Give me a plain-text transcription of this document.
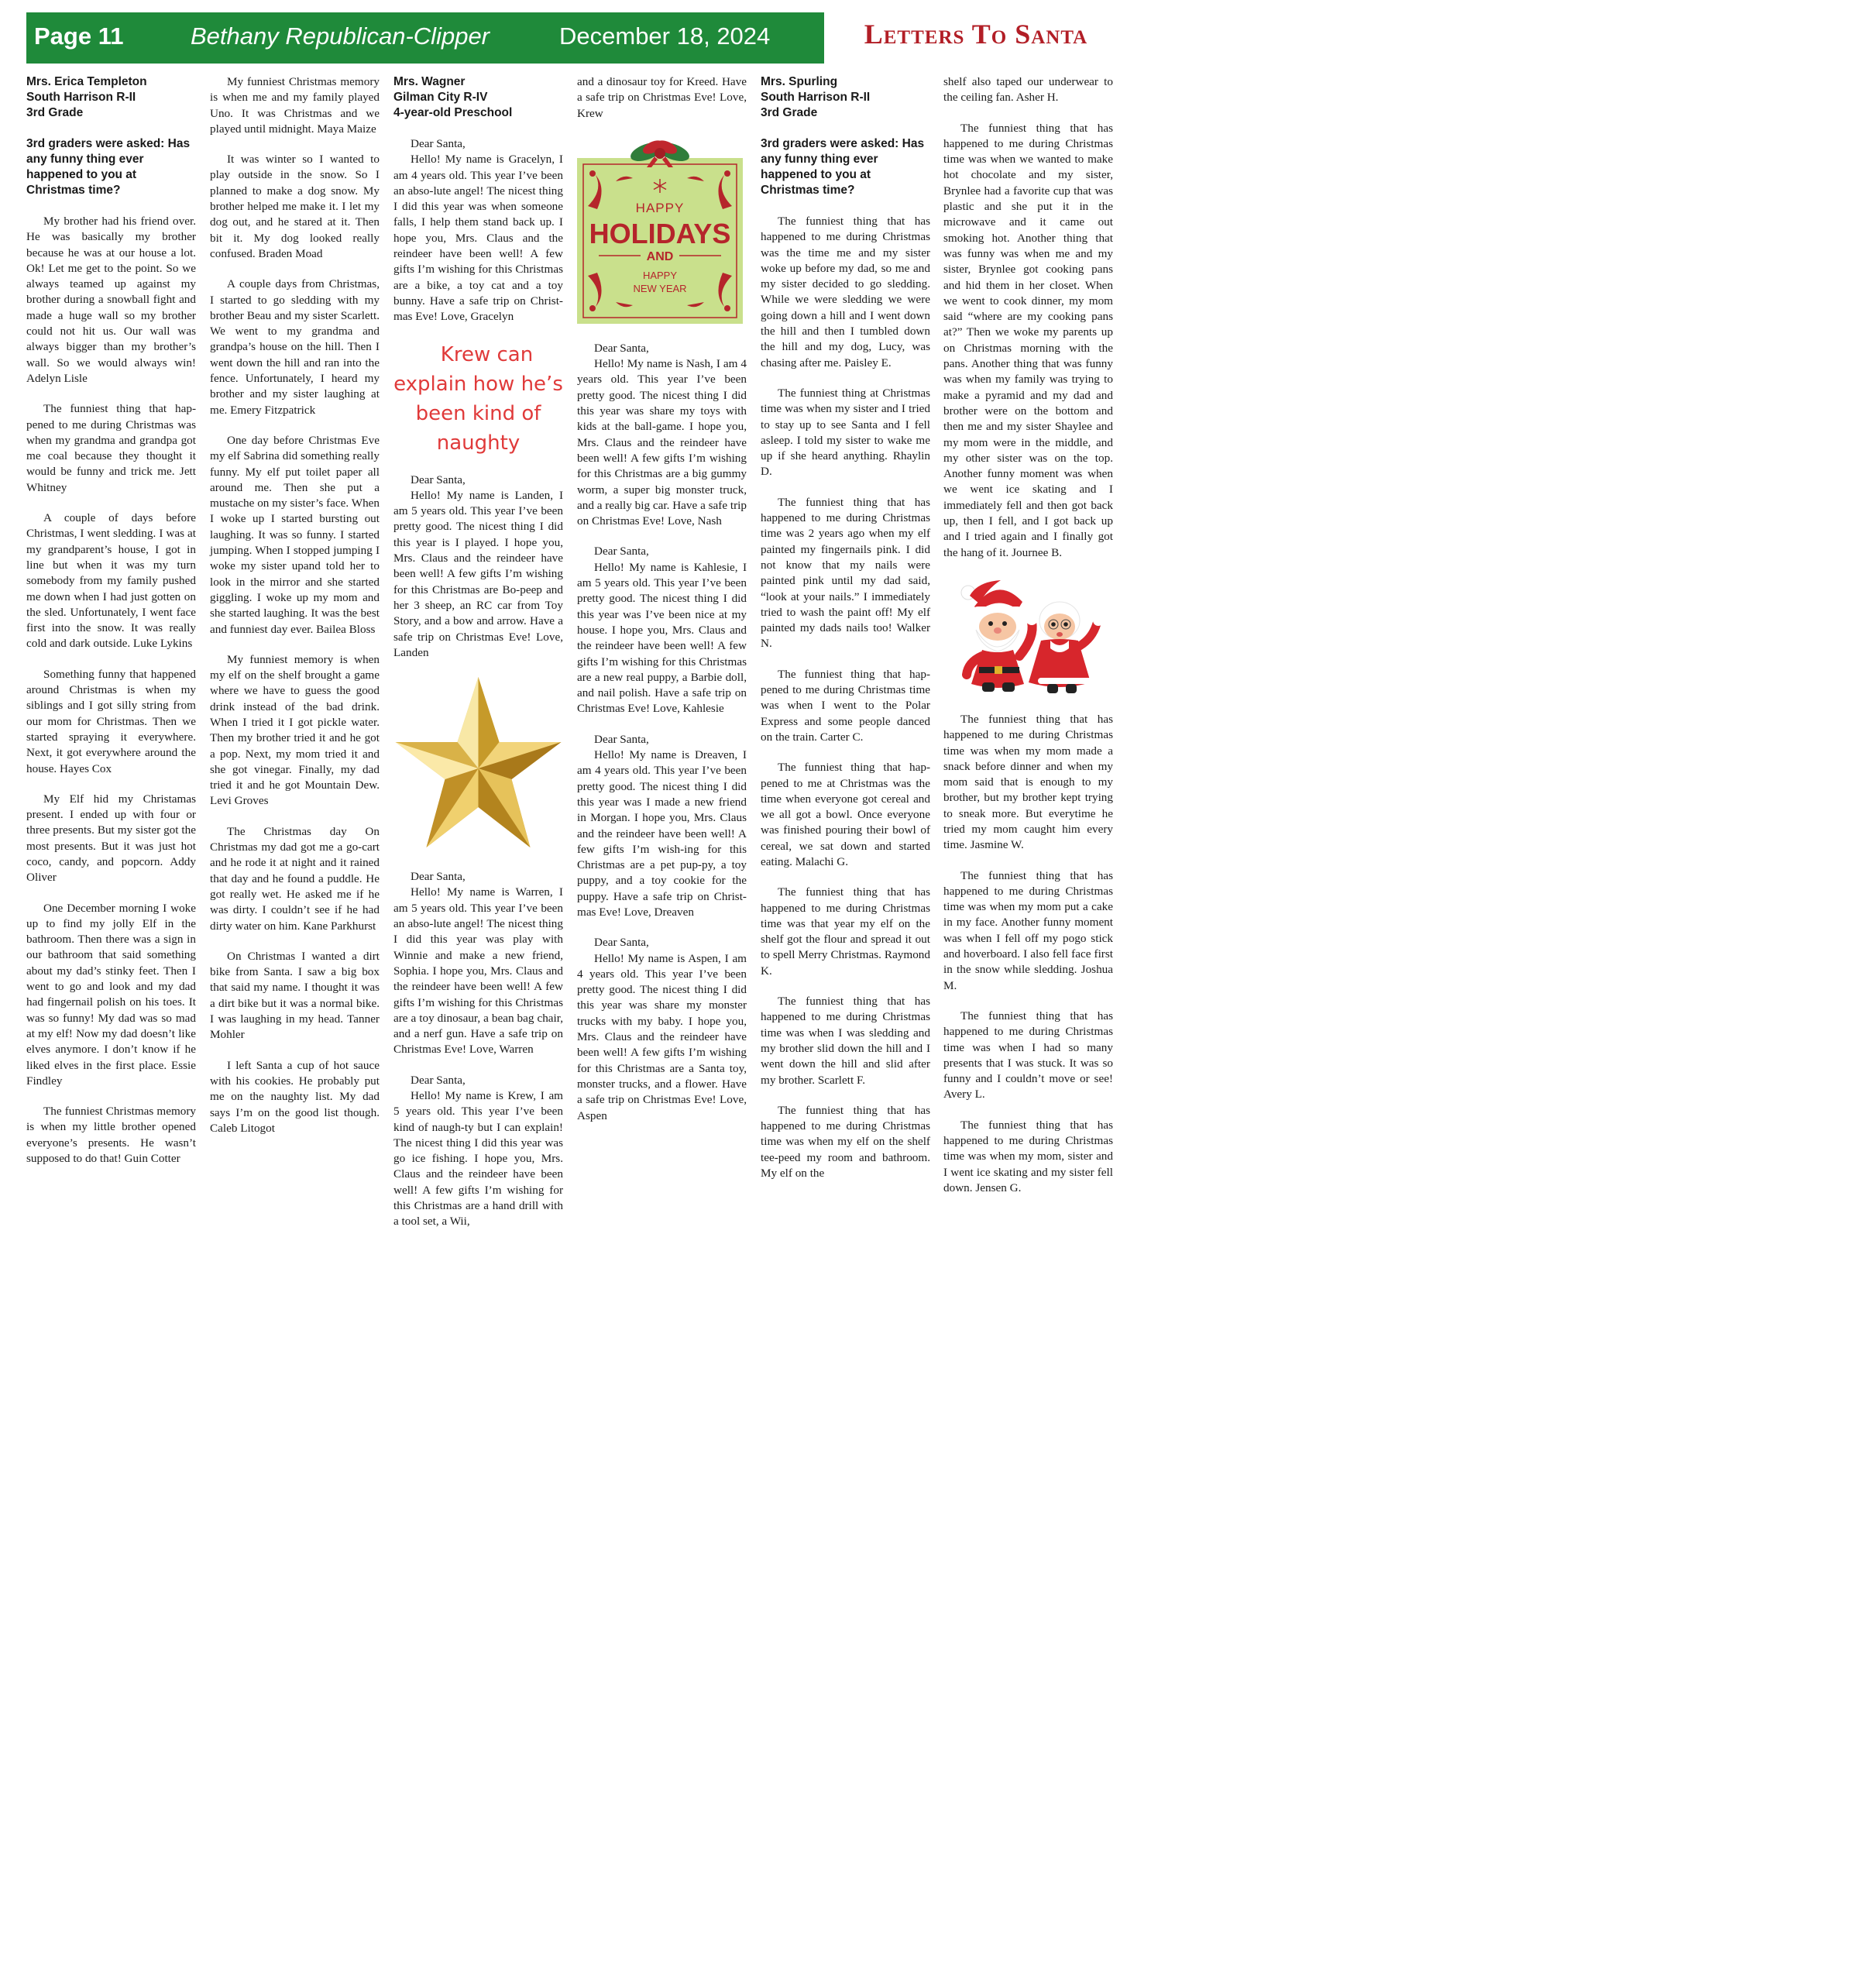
Page 11	Bethany Republican-Clipper	December 18, 2024	Letters To Santa
Mrs. Erica Templeton
South Harrison R-II
3rd Grade
3rd graders were asked: Has any funny thing ever happened to you at Christmas time?

My brother had his friend over. He was basically my brother because he was at our house a lot. Ok! Let me get to the point. So we always teamed up against my brother during a snowball fight and made a huge wall so my brother could not hit us. Our wall was always bigger than my brother’s wall. So we would always win! Adelyn Lisle

The funniest thing that happened to me during Christmas was when my grandma and grandpa got me coal because they thought it would be funny and trick me. Jett Whitney

A couple of days before Christmas, I went sledding. I was at my grandparent’s house, I got in line but when it was my turn somebody from my family pushed me down when I had just gotten on the sled. Unfortunately, I went face first into the snow. It was really cold and dark outside. Luke Lykins

Something funny that happened around Christmas is when my siblings and I got silly string from our mom for Christmas. Then we started spraying it everywhere. Next, it got everywhere around the house. Hayes Cox

My Elf hid my Christamas present. I ended up with four or three presents. But my sister got the most presents. But it was just hot coco, candy, and popcorn. Addy Oliver

One December morning I woke up to find my jolly Elf in the bathroom. Then there was a sign in our bathroom that said something about my dad’s stinky feet. Then I went to go and look and my dad had fingernail polish on his toes. It was so funny! My dad was so mad at my elf! Now my dad doesn’t like elves anymore. I don’t know if he liked elves in the first place. Essie Findley

The funniest Christmas memory is when my little brother opened everyone’s presents. He wasn’t supposed to do that! Guin Cotter

My funniest Christmas memory is when me and my family played Uno. It was Christmas and we played until midnight. Maya Maize

It was winter so I wanted to play outside in the snow. So I planned to make a dog snow. My brother helped me make it. I let my dog out, and he stared at it. Then bit it. My dog looked really confused. Braden Moad

A couple days from Christmas, I started to go sledding with my brother Beau and my sister Scarlett. We went to my grandma and grandpa’s house on the hill. Then I went down the hill and ran into the fence. Unfortunately, I heard my brother and my sister laughing at me. Emery Fitzpatrick

One day before Christmas Eve my elf Sabrina did something really funny. My elf put toilet paper all around me. Then she put a mustache on my sister’s face. When I woke up I started bursting out laughing. It was so funny. I started jumping. When I stopped jumping I woke my sister upand told her to look in the mirror and she started giggling. I woke up my mom and she started laughing. It was the best and funniest day ever. Bailea Bloss

My funniest memory is when my elf on the shelf brought a game where we have to guess the good drink instead of the bad drink. When I tried it I got pickle water. Then my brother tried it and he got a pop. Next, my mom tried it and she got vinegar. Finally, my dad tried it and he got Mountain Dew. Levi Groves

The Christmas day On Christmas my dad got me a go-cart and he rode it at night and it rained that day and he found a puddle. He got really wet. He asked me if he was dirty. I couldn’t see if he had dirty water on him. Kane Parkhurst

On Christmas I wanted a dirt bike from Santa. I saw a big box that said my name. I thought it was a dirt bike but it was a normal bike. I was laughing in my head. Tanner Mohler

I left Santa a cup of hot sauce with his cookies. He probably put me on the naughty list. My dad says I’m on the good list though. Caleb Litogot

Mrs. Wagner
Gilman City R-IV
4-year-old Preschool

Dear Santa,

Hello! My name is Gracelyn, I am 4 years old. This year I’ve been an abso-lute angel! The nicest thing I did this year was when someone falls, I help them stand back up. I hope you, Mrs. Claus and the reindeer have been well! A few gifts I’m wishing for this Christmas are a bike, a toy cat and a toy bunny. Have a safe trip on Christ-mas Eve! Love, Gracelyn

Krew can explain how he’s been kind of naughty

Dear Santa,

Hello! My name is Landen, I am 5 years old. This year I’ve been pretty good. The nicest thing I did this year is I played. I hope you, Mrs. Claus and the reindeer have been well! A few gifts I’m wishing for this Christmas are Bo-peep and her 3 sheep, an RC car from Toy Story, and a bow and arrow. Have a safe trip on Christmas Eve! Love, Landen

Dear Santa,

Hello! My name is Warren, I am 5 years old. This year I’ve been an abso-lute angel! The nicest thing I did this year was play with Winnie and make a new friend, Sophia. I hope you, Mrs. Claus and the reindeer have been well! A few gifts I’m wishing for this Christmas are a toy dinosaur, a bean bag chair, and a nerf gun. Have a safe trip on Christmas Eve! Love, Warren

Dear Santa,

Hello! My name is Krew, I am 5 years old. This year I’ve been kind of naugh-ty but I can explain! The nicest thing I did this year was go ice fishing. I hope you, Mrs. Claus and the reindeer have been well! A few gifts I’m wishing for this Christmas are a hand drill with a tool set, a Wii,

and a dinosaur toy for Kreed. Have a safe trip on Christmas Eve! Love, Krew

HAPPY
HOLIDAYS
AND
HAPPY
NEW YEAR

Dear Santa,

Hello! My name is Nash, I am 4 years old. This year I’ve been pretty good. The nicest thing I did this year was share my toys with kids at the ball-game. I hope you, Mrs. Claus and the reindeer have been well! A few gifts I’m wishing for this Christmas are a big gummy worm, a super big monster truck, and a really big car. Have a safe trip on Christmas Eve! Love, Nash

Dear Santa,

Hello! My name is Kahlesie, I am 5 years old. This year I’ve been pretty good. The nicest thing I did this year was I’ve been nice at my house. I hope you, Mrs. Claus and the reindeer have been well! A few gifts I’m wishing for this Christmas are a new real puppy, a Barbie doll, and nail polish. Have a safe trip on Christmas Eve! Love, Kahlesie

Dear Santa,

Hello! My name is Dreaven, I am 4 years old. This year I’ve been pretty good. The nicest thing I did this year was I made a new friend in Morgan. I hope you, Mrs. Claus and the reindeer have been well! A few gifts I’m wish-ing for this Christmas are a pet pup-py, a toy puppy, and a toy cookie for the puppy. Have a safe trip on Christ-mas Eve! Love, Dreaven

Dear Santa,

Hello! My name is Aspen, I am 4 years old. This year I’ve been pretty good. The nicest thing I did this year was share my monster trucks with my baby. I hope you, Mrs. Claus and the reindeer have been well! A few gifts I’m wishing for this Christmas are a Santa toy, monster trucks, and a flower. Have a safe trip on Christmas Eve! Love, Aspen

Mrs. Spurling
South Harrison R-II
3rd Grade
3rd graders were asked: Has any funny thing ever happened to you at Christmas time?

The funniest thing that has happened to me during Christmas was the time me and my sister woke up before my dad, so me and my sister decided to go sledding. While we were sledding we were going down a hill and I went down the hill and then I tumbled down the hill and my dog, Lucy, was chasing after me. Paisley E.

The funniest thing at Christmas time was when my sister and I tried to stay up to see Santa and I fell asleep. I told my sister to wake me up if she heard anything. Rhaylin D.

The funniest thing that has happened to me during Christmas time was 2 years ago when my elf painted my fingernails pink. I did not know that my nails were painted pink until my dad said, “look at your nails.” I immediately tried to wash the paint off! My elf painted my dads nails too! Walker N.

The funniest thing that happened to me during Christmas time was when I went to the Polar Express and some people danced on the train. Carter C.

The funniest thing that happened to me at Christmas was the time when everyone got cereal and we all got a bowl. Once everyone was finished pouring their bowl of cereal, we sat down and started eating. Malachi G.

The funniest thing that has happened to me during Christmas time was that year my elf on the shelf got the flour and spread it out to spell Merry Christmas. Raymond K.

The funniest thing that has happened to me during Christmas time was when I was sledding and my brother slid down the hill and I went down the hill and slid after my brother. Scarlett F.

The funniest thing that has happened to me during Christmas time was when my elf on the shelf tee-peed my room and bathroom. My elf on the

shelf also taped our underwear to the ceiling fan. Asher H.

The funniest thing that has happened to me during Christmas time was when we wanted to make hot chocolate and my sister, Brynlee had a favorite cup that was plastic and she put it in the microwave and it came out smoking hot. Another thing that was funny was when me and my sister, Brynlee got cooking pans and hid them in her closet. When we went to cook dinner, my mom said “where are my cooking pans at?” Then we woke my parents up on Christmas morning with the pans. Another thing that was funny was when my family was trying to make a pyramid and my dad and brother were on the bottom and then me and my sister Shaylee and my mom were in the middle, and my other sister was on the top. Another funny moment was when we went ice skating and I immediately fell and then got back up, then I fell, and I got back up and I tried again and I finally got the hang of it. Journee B.

The funniest thing that has happened to me during Christmas time was when my mom made a snack before dinner and when my mom said that is enough to my brother, but my brother kept trying to sneak more. But everytime he tried my mom caught him every time. Jasmine W.

The funniest thing that has happened to me during Christmas time was when my mom put a cake in my face. Another funny moment was when I fell off my pogo stick and hoverboard. I also fell face first in the snow while sledding. Joshua M.

The funniest thing that has happened to me during Christmas time was when I had so many presents that I was stuck. It was so funny and I couldn’t move or see! Avery L.

The funniest thing that has happened to me during Christmas time was when my mom, sister and I went ice skating and my sister fell down. Jensen G.
